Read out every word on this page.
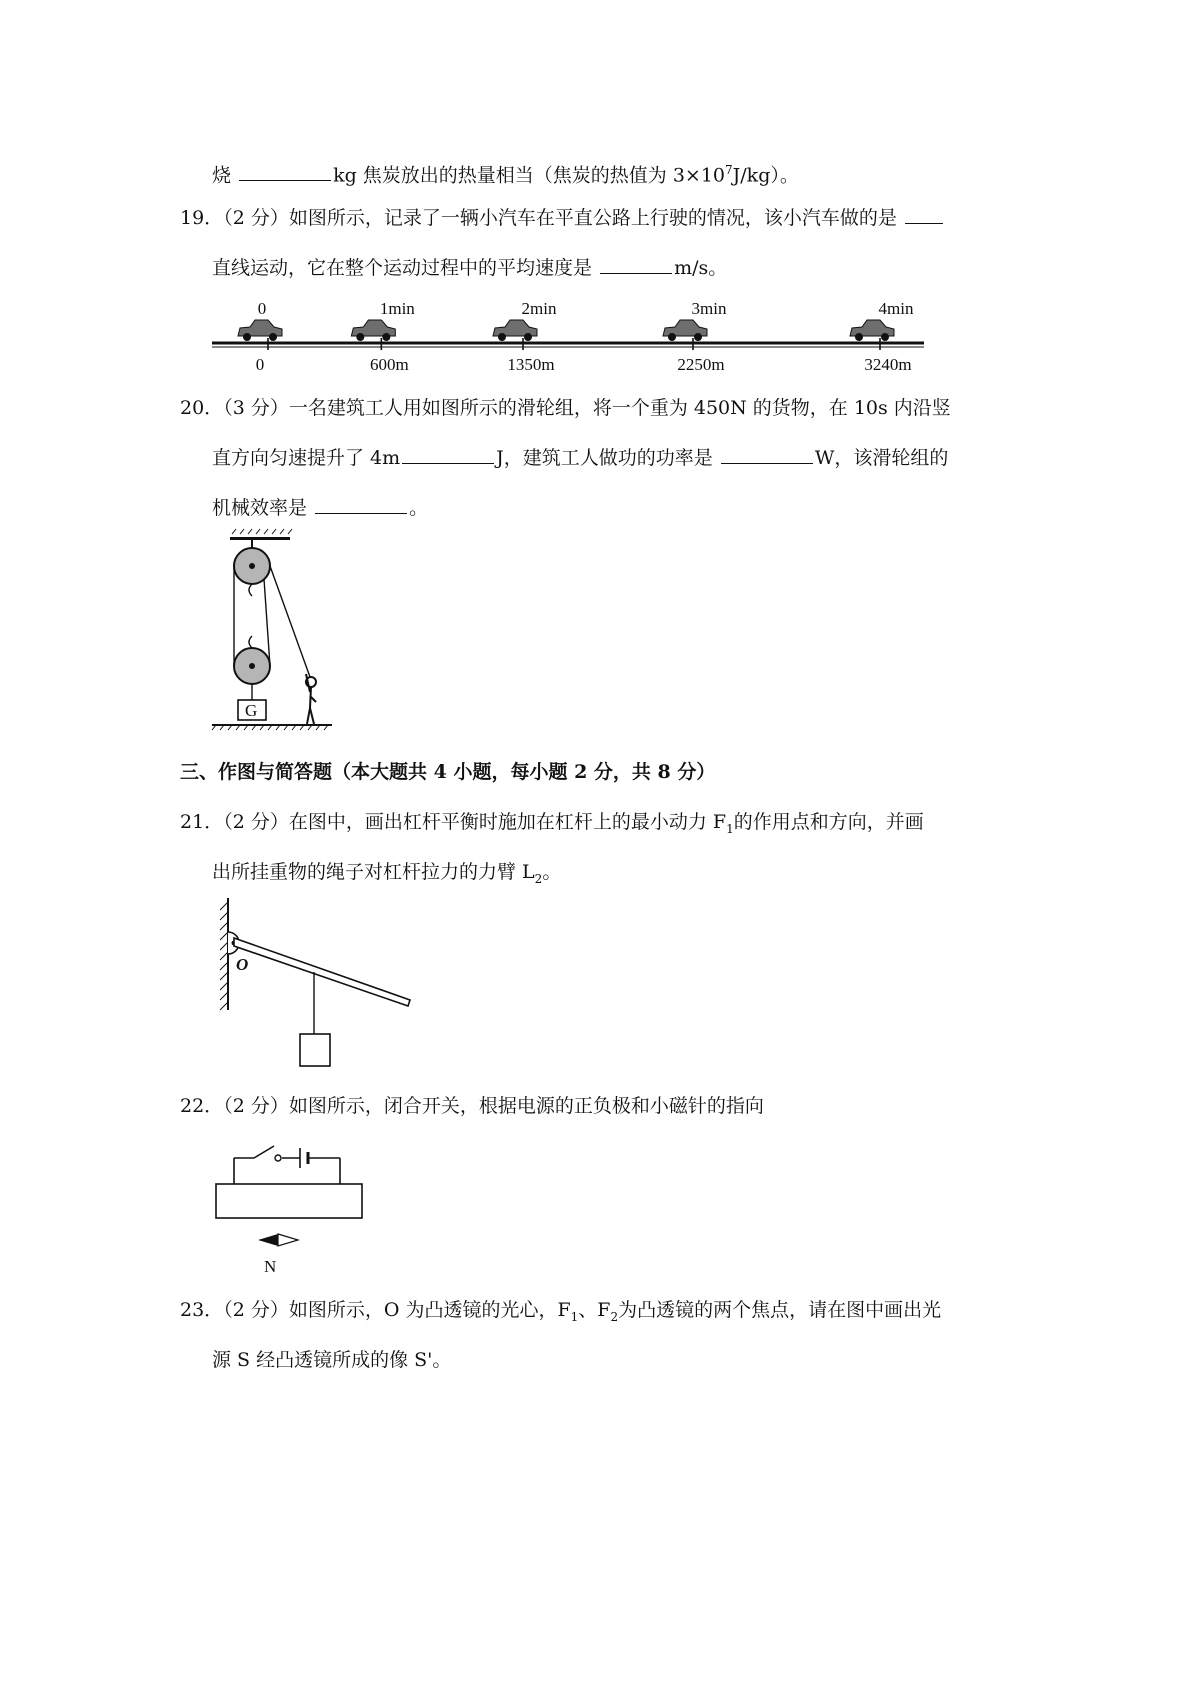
烧	kg 焦炭放出的热量相当（焦炭的热值为 $3\times 10^7J/kg$）。
19．（2 分）如图所示，记录了一辆小汽车在平直公路上行驶的情况，该小汽车做的是
直线运动，它在整个运动过程中的平均速度是	m/s。
0
0
1min
600m
2min
1350m
3min
2250m
4min
3240m
20．（3 分）一名建筑工人用如图所示的滑轮组，将一个重为 450N 的货物，在 10s 内沿竖
直方向匀速提升了 4m	J，建筑工人做功的功率是	W，该滑轮组的
机械效率是	。
G
三、作图与简答题（本大题共 4 小题，每小题 2 分，共 8 分）
21．（2 分）在图中，画出杠杆平衡时施加在杠杆上的最小动力 $F_1$的作用点和方向，并画
出所挂重物的绳子对杠杆拉力的力臂 $L_2$。
O
22．（2 分）如图所示，闭合开关，根据电源的正负极和小磁针的指向
N
23．（2 分）如图所示，O 为凸透镜的光心，$F_1$、$F_2$为凸透镜的两个焦点，请在图中画出光
源 S 经凸透镜所成的像 S'。
